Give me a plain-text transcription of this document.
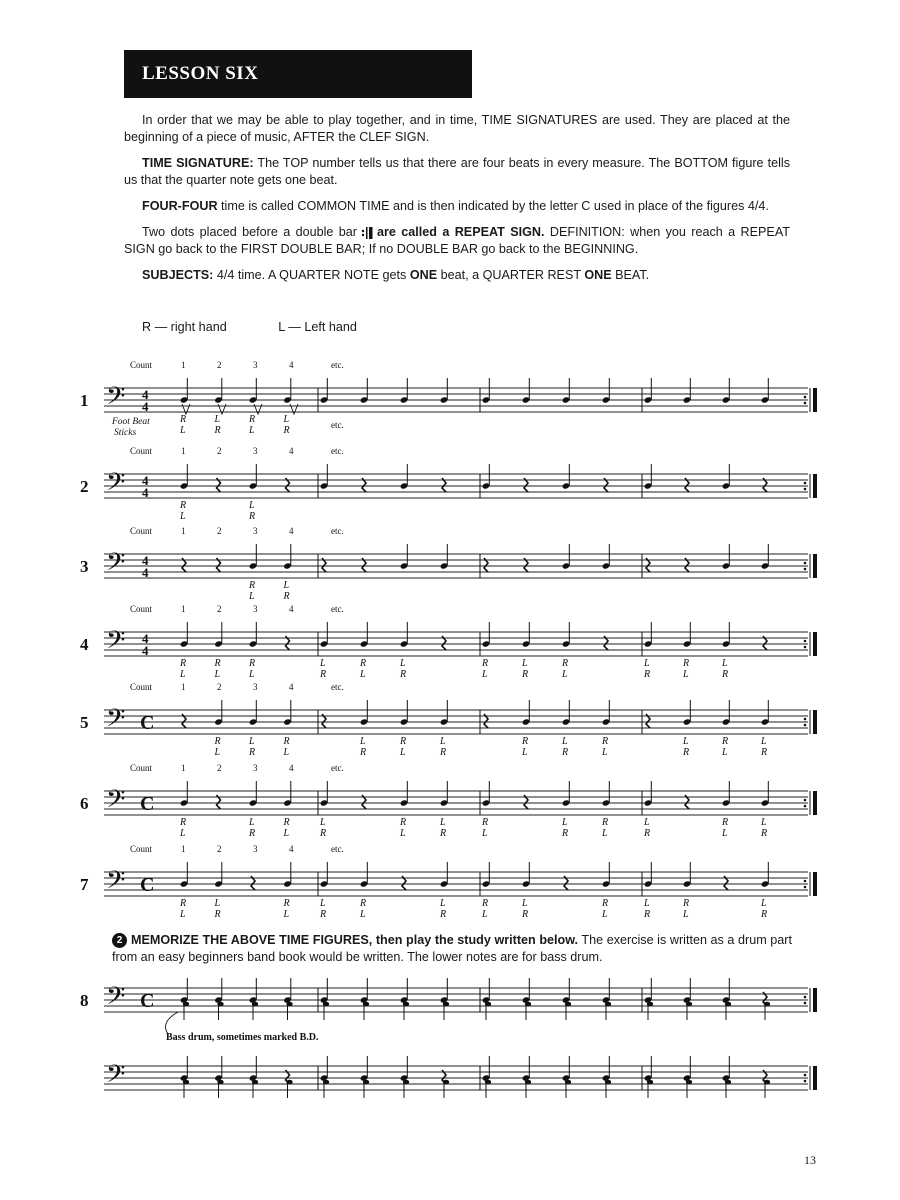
LESSON SIX

In order that we may be able to play together, and in time, TIME SIGNATURES are used. They are placed at the beginning of a piece of music, AFTER the CLEF SIGN.

TIME SIGNATURE: The TOP number tells us that there are four beats in every measure. The BOTTOM figure tells us that the quarter note gets one beat.

FOUR-FOUR time is called COMMON TIME and is then indicated by the letter C used in place of the figures 4/4.

Two dots placed before a double bar are called a REPEAT SIGN. DEFINITION: when you reach a REPEAT SIGN go back to the FIRST DOUBLE BAR; If no DOUBLE BAR go back to the BEGINNING.

SUBJECTS: 4/4 time. A QUARTER NOTE gets ONE beat, a QUARTER REST ONE BEAT.

R — right hand	L — Left hand
1 𝄢 4
4
Count	1	2	3	4	etc.
R
L
L
R
R
L
L
R
2 𝄢 4
4
Count	1	2	3	4	etc.
R
L
L
R
3 𝄢 4
4
Count	1	2	3	4	etc.
R
L
L
R
4 𝄢 4
4
Count	1	2	3	4	etc.
R
L
R
L
R
L
L
R
R
L
L
R
R
L
L
R
R
L
L
R
R
L
L
R
5 𝄢 C
Count	1	2	3	4	etc.
R
L
L
R
R
L
L
R
R
L
L
R
R
L
L
R
R
L
L
R
R
L
L
R
6 𝄢 C
Count	1	2	3	4	etc.
R
L
L
R
R
L
L
R
R
L
L
R
R
L
L
R
R
L
L
R
R
L
L
R
7 𝄢 C
Count	1	2	3	4	etc.
R
L
L
R
R
L
L
R
R
L
L
R
R
L
L
R
R
L
L
R
R
L
L
R
8 𝄢 C
𝄢
Foot Beat
Sticks
etc.
Bass drum, sometimes marked B.D.
2 MEMORIZE THE ABOVE TIME FIGURES, then play the study written below. The exercise is written as a drum part from an easy beginners band book would be written. The lower notes are for bass drum.
13
